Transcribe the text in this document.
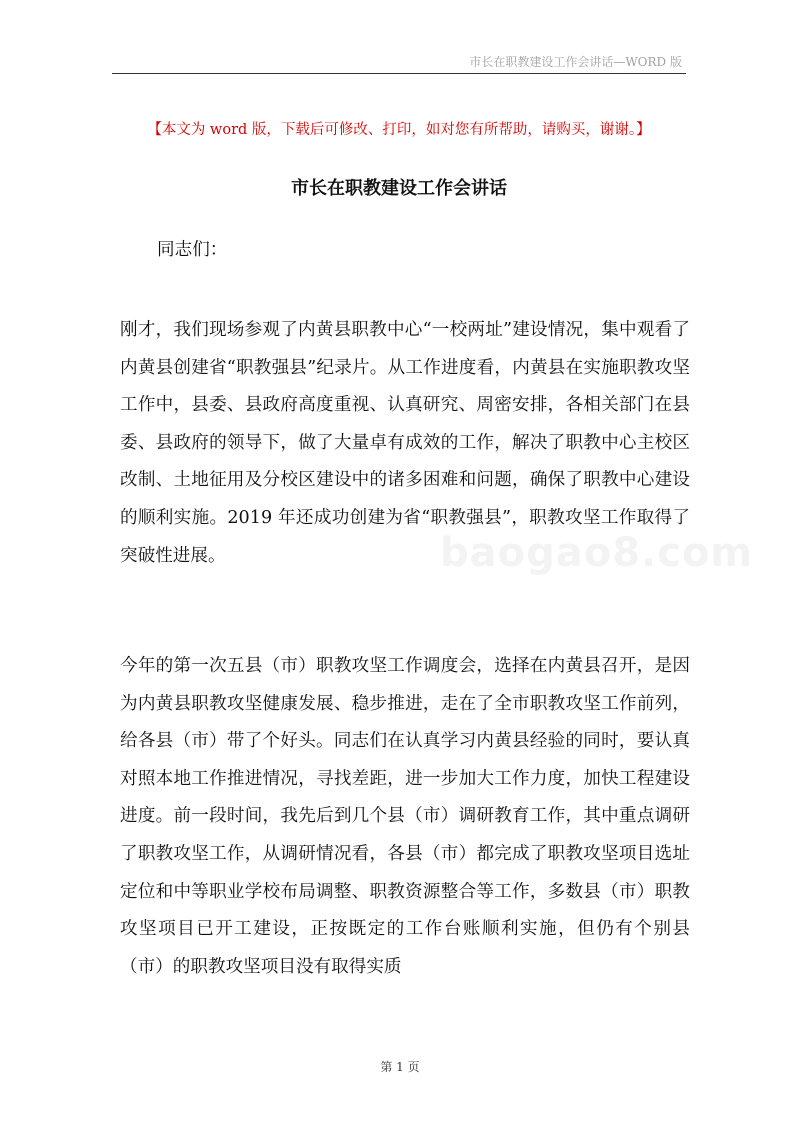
市长在职教建设工作会讲话—WORD 版
【本文为 word 版，下载后可修改、打印，如对您有所帮助，请购买，谢谢。】
市长在职教建设工作会讲话
同志们：
刚才，我们现场参观了内黄县职教中心“一校两址”建设情况，集中观看了内黄县创建省“职教强县”纪录片。从工作进度看，内黄县在实施职教攻坚工作中，县委、县政府高度重视、认真研究、周密安排，各相关部门在县委、县政府的领导下，做了大量卓有成效的工作，解决了职教中心主校区改制、土地征用及分校区建设中的诸多困难和问题，确保了职教中心建设的顺利实施。2019 年还成功创建为省“职教强县”，职教攻坚工作取得了突破性进展。
今年的第一次五县（市）职教攻坚工作调度会，选择在内黄县召开，是因为内黄县职教攻坚健康发展、稳步推进，走在了全市职教攻坚工作前列，给各县（市）带了个好头。同志们在认真学习内黄县经验的同时，要认真对照本地工作推进情况，寻找差距，进一步加大工作力度，加快工程建设进度。前一段时间，我先后到几个县（市）调研教育工作，其中重点调研了职教攻坚工作，从调研情况看，各县（市）都完成了职教攻坚项目选址定位和中等职业学校布局调整、职教资源整合等工作，多数县（市）职教攻坚项目已开工建设，正按既定的工作台账顺利实施，但仍有个别县（市）的职教攻坚项目没有取得实质
baogao8.com
第 1 页
